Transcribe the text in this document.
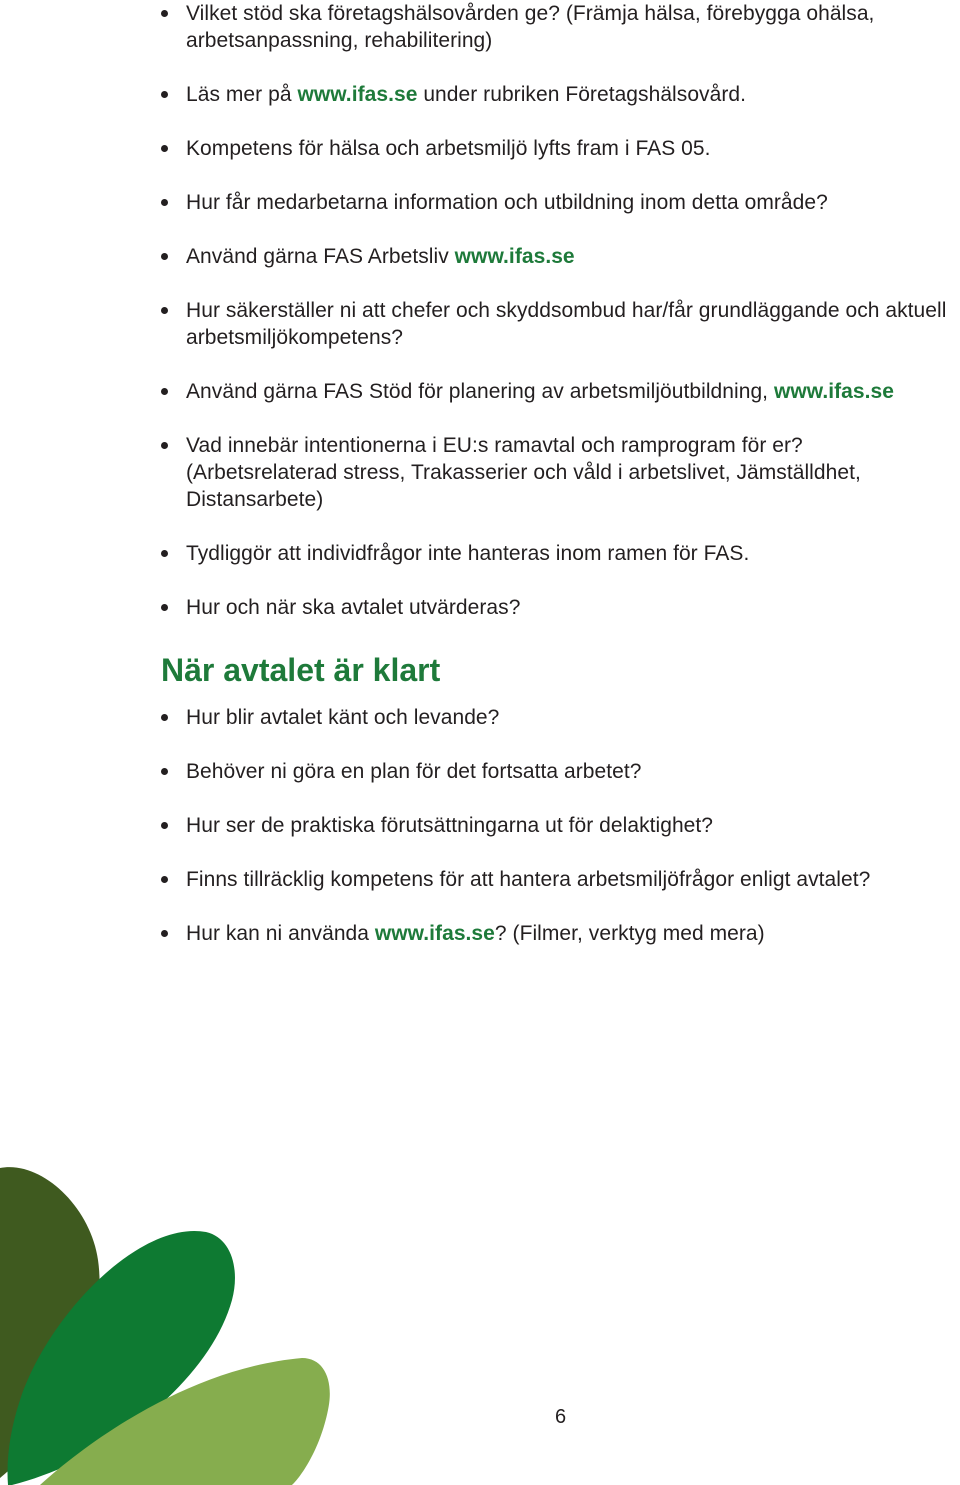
Vilket stöd ska företagshälsovården ge? (Främja hälsa, förebygga ohälsa, arbetsanpassning, rehabilitering)
Läs mer på www.ifas.se under rubriken Företagshälsovård.
Kompetens för hälsa och arbetsmiljö lyfts fram i FAS 05.
Hur får medarbetarna information och utbildning inom detta område?
Använd gärna FAS Arbetsliv www.ifas.se
Hur säkerställer ni att chefer och skyddsombud har/får grundläggande och aktuell arbetsmiljökompetens?
Använd gärna FAS Stöd för planering av arbetsmiljöutbildning, www.ifas.se
Vad innebär intentionerna i EU:s ramavtal och ramprogram för er? (Arbetsrelaterad stress, Trakasserier och våld i arbetslivet, Jämställdhet, Distansarbete)
Tydliggör att individfrågor inte hanteras inom ramen för FAS.
Hur och när ska avtalet utvärderas?
När avtalet är klart
Hur blir avtalet känt och levande?
Behöver ni göra en plan för det fortsatta arbetet?
Hur ser de praktiska förutsättningarna ut för delaktighet?
Finns tillräcklig kompetens för att hantera arbetsmiljöfrågor enligt avtalet?
Hur kan ni använda www.ifas.se? (Filmer, verktyg med mera)
6
